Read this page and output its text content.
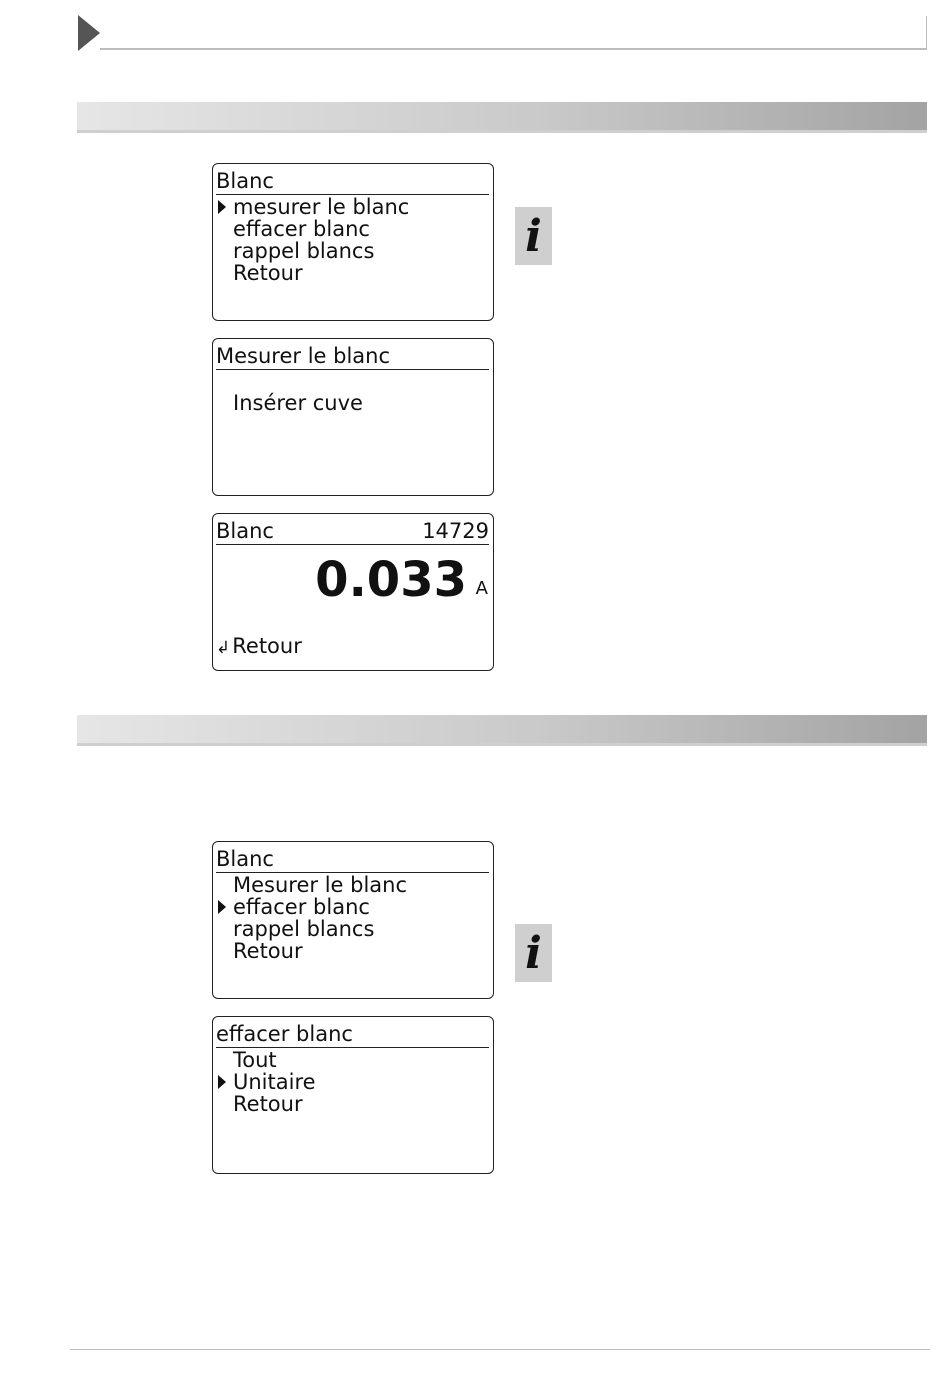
Blanc
mesurer le blanc
effacer blanc
rappel blancs
Retour
i
Mesurer le blanc
Insérer cuve
Blanc	14729
0.033 A
↲Retour
Blanc
Mesurer le blanc
effacer blanc
rappel blancs
Retour	i
effacer blanc
Tout
Unitaire
Retour
